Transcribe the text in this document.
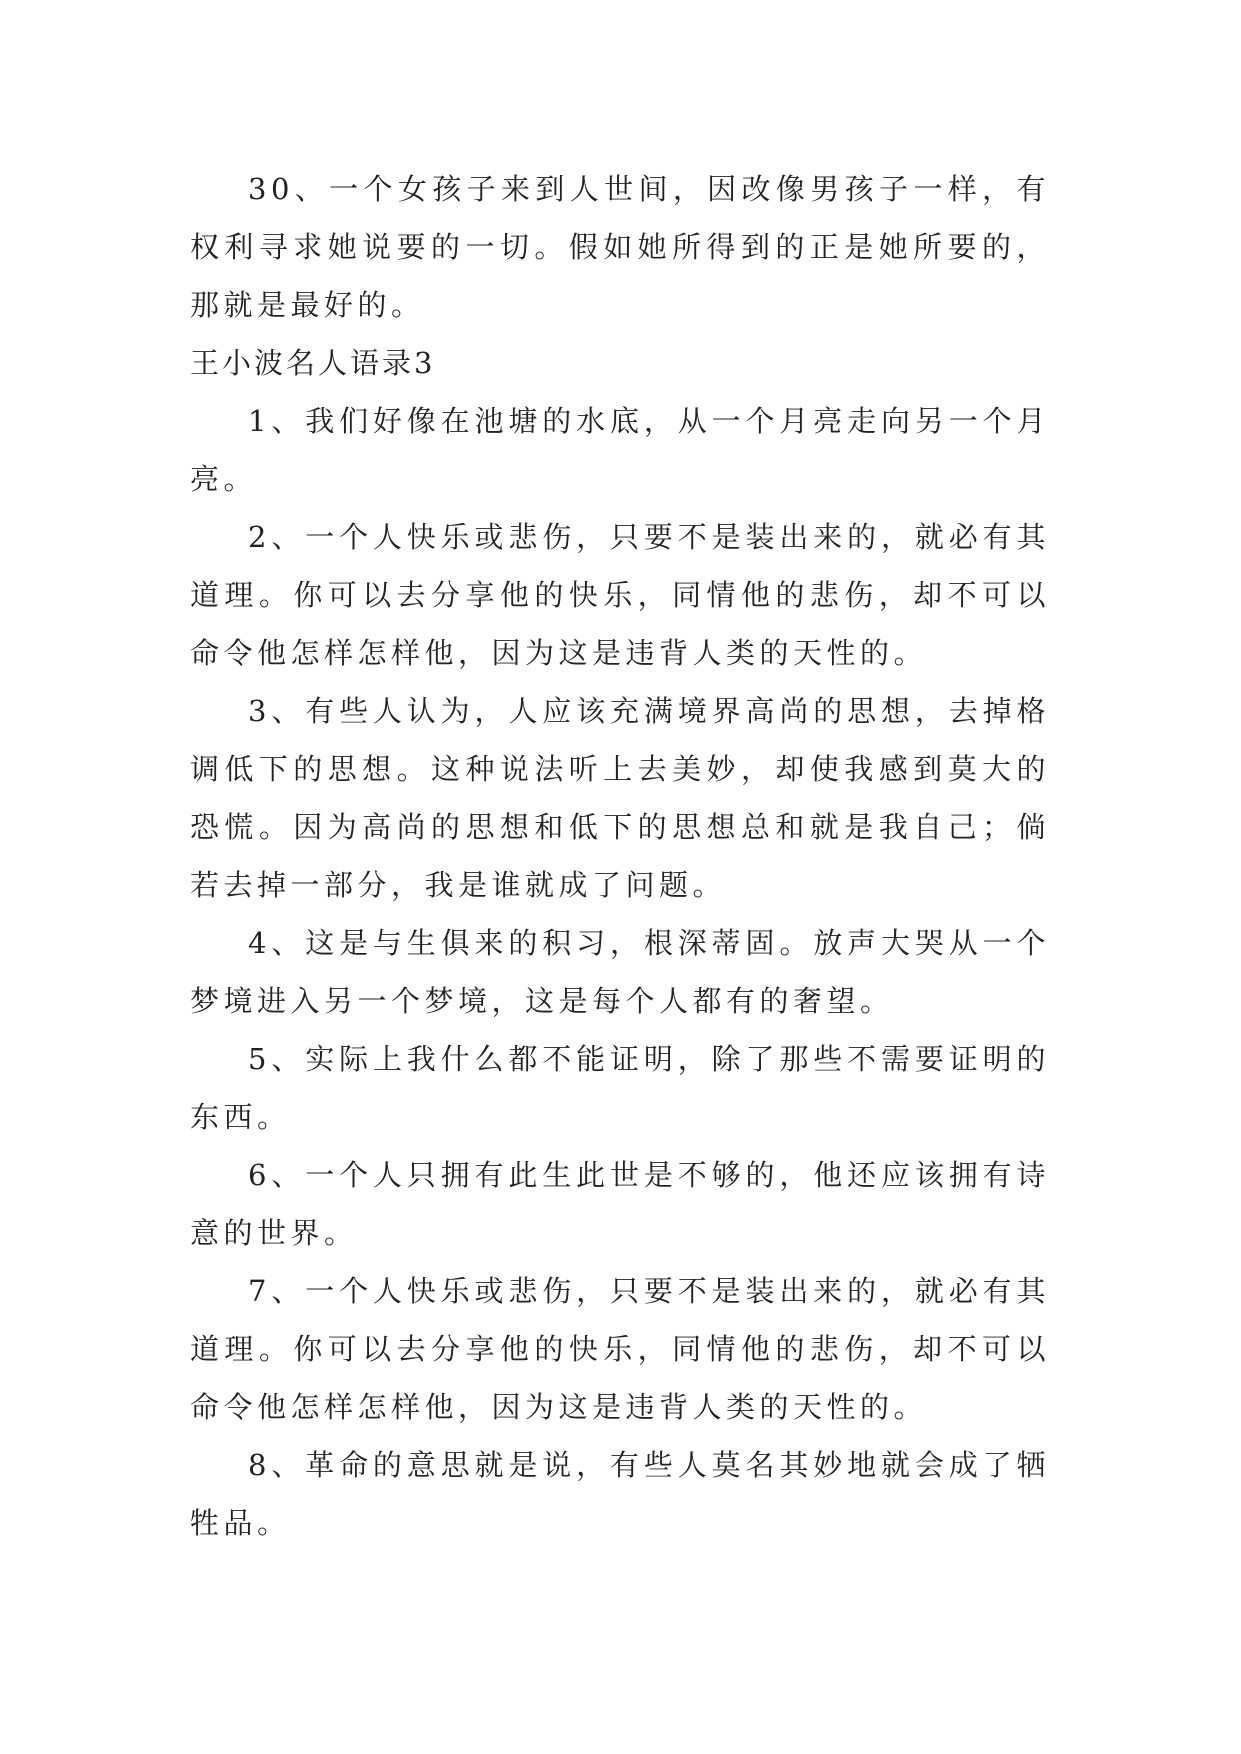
30、一个女孩子来到人世间，因改像男孩子一样，有权利寻求她说要的一切。假如她所得到的正是她所要的，那就是最好的。

王小波名人语录3

1、我们好像在池塘的水底，从一个月亮走向另一个月亮。

2、一个人快乐或悲伤，只要不是装出来的，就必有其道理。你可以去分享他的快乐，同情他的悲伤，却不可以命令他怎样怎样他，因为这是违背人类的天性的。

3、有些人认为，人应该充满境界高尚的思想，去掉格调低下的思想。这种说法听上去美妙，却使我感到莫大的恐慌。因为高尚的思想和低下的思想总和就是我自己；倘若去掉一部分，我是谁就成了问题。

4、这是与生俱来的积习，根深蒂固。放声大哭从一个梦境进入另一个梦境，这是每个人都有的奢望。

5、实际上我什么都不能证明，除了那些不需要证明的东西。

6、一个人只拥有此生此世是不够的，他还应该拥有诗意的世界。

7、一个人快乐或悲伤，只要不是装出来的，就必有其道理。你可以去分享他的快乐，同情他的悲伤，却不可以命令他怎样怎样他，因为这是违背人类的天性的。

8、革命的意思就是说，有些人莫名其妙地就会成了牺牲品。
